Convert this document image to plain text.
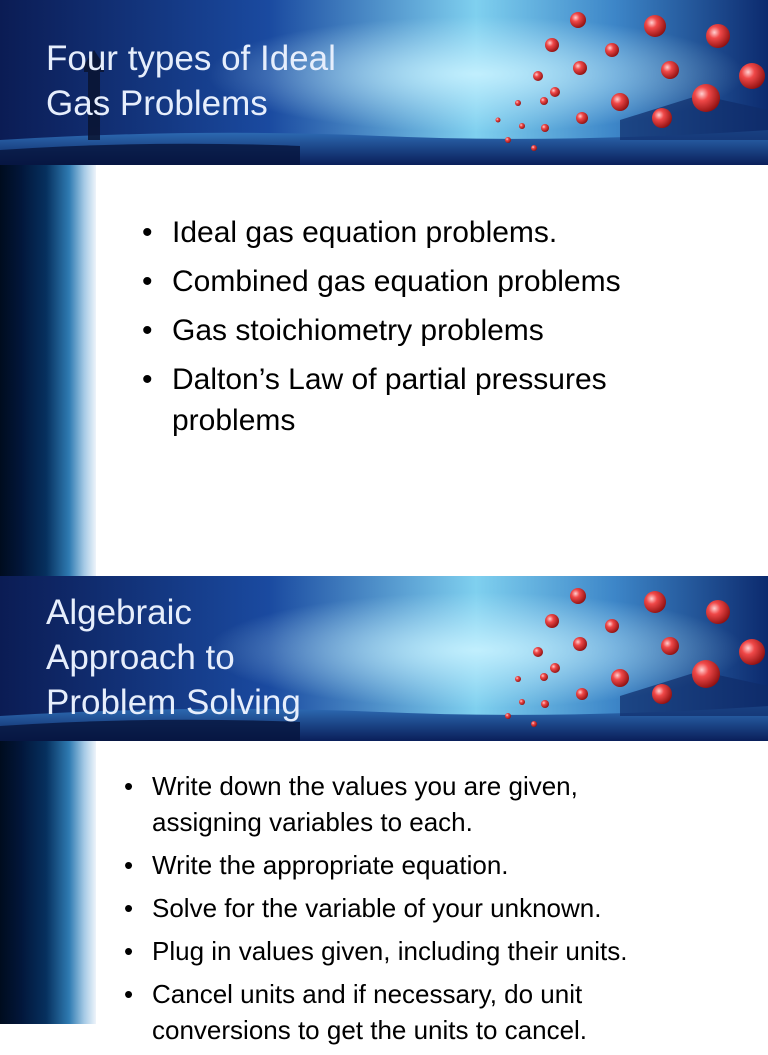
Four types of Ideal
Gas Problems
• Ideal gas equation problems.
• Combined gas equation problems
• Gas stoichiometry problems
• Dalton’s Law of partial pressures problems
Algebraic
Approach to
Problem Solving
• Write down the values you are given, assigning variables to each.
• Write the appropriate equation.
• Solve for the variable of your unknown.
• Plug in values given, including their units.
• Cancel units and if necessary, do unit conversions to get the units to cancel.
